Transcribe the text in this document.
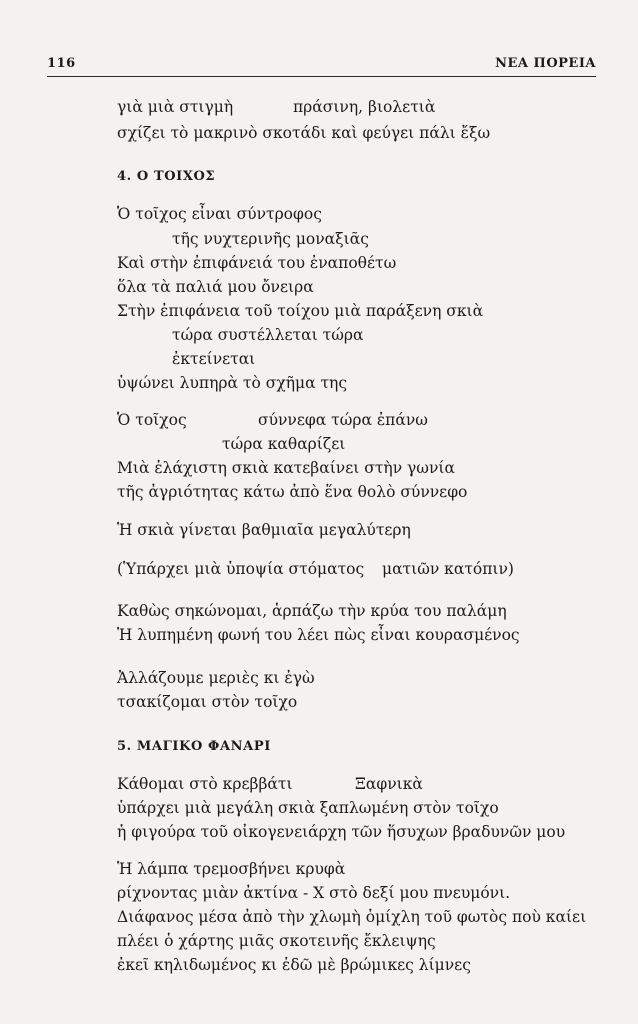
116	ΝΕΑ ΠΟΡΕΙΑ
γιὰ μιὰ στιγμὴ	πράσινη, βιολετιὰ
σχίζει τὸ μακρινὸ σκοτάδι καὶ φεύγει πάλι ἔξω
4. Ο ΤΟΙΧΟΣ
Ὁ τοῖχος εἶναι σύντροφος
τῆς νυχτερινῆς μοναξιᾶς
Καὶ στὴν ἐπιφάνειά του ἐναποθέτω
ὅλα τὰ παλιά μου ὄνειρα
Στὴν ἐπιφάνεια τοῦ τοίχου μιὰ παράξενη σκιὰ
τώρα συστέλλεται τώρα
ἐκτείνεται
ὑψώνει λυπηρὰ τὸ σχῆμα της
Ὁ τοῖχος	σύννεφα τώρα ἐπάνω
τώρα καθαρίζει
Μιὰ ἐλάχιστη σκιὰ κατεβαίνει στὴν γωνία
τῆς ἀγριότητας κάτω ἀπὸ ἕνα θολὸ σύννεφο
Ἡ σκιὰ γίνεται βαθμιαῖα μεγαλύτερη
(Ὑπάρχει μιὰ ὑποψία στόματος ματιῶν κατόπιν)
Καθὼς σηκώνομαι, ἁρπάζω τὴν κρύα του παλάμη
Ἡ λυπημένη φωνή του λέει πὼς εἶναι κουρασμένος
Ἀλλάζουμε μεριὲς κι ἐγὼ
τσακίζομαι στὸν τοῖχο
5. ΜΑΓΙΚΟ ΦΑΝΑΡΙ
Κάθομαι στὸ κρεββάτι	Ξαφνικὰ
ὑπάρχει μιὰ μεγάλη σκιὰ ξαπλωμένη στὸν τοῖχο
ἡ φιγούρα τοῦ οἰκογενειάρχη τῶν ἥσυχων βραδυνῶν μου
Ἡ λάμπα τρεμοσβήνει κρυφὰ
ρίχνοντας μιὰν ἀκτίνα - Χ στὸ δεξί μου πνευμόνι.
Διάφανος μέσα ἀπὸ τὴν χλωμὴ ὁμίχλη τοῦ φωτὸς ποὺ καίει
πλέει ὁ χάρτης μιᾶς σκοτεινῆς ἔκλειψης
ἐκεῖ κηλιδωμένος κι ἐδῶ μὲ βρώμικες λίμνες
